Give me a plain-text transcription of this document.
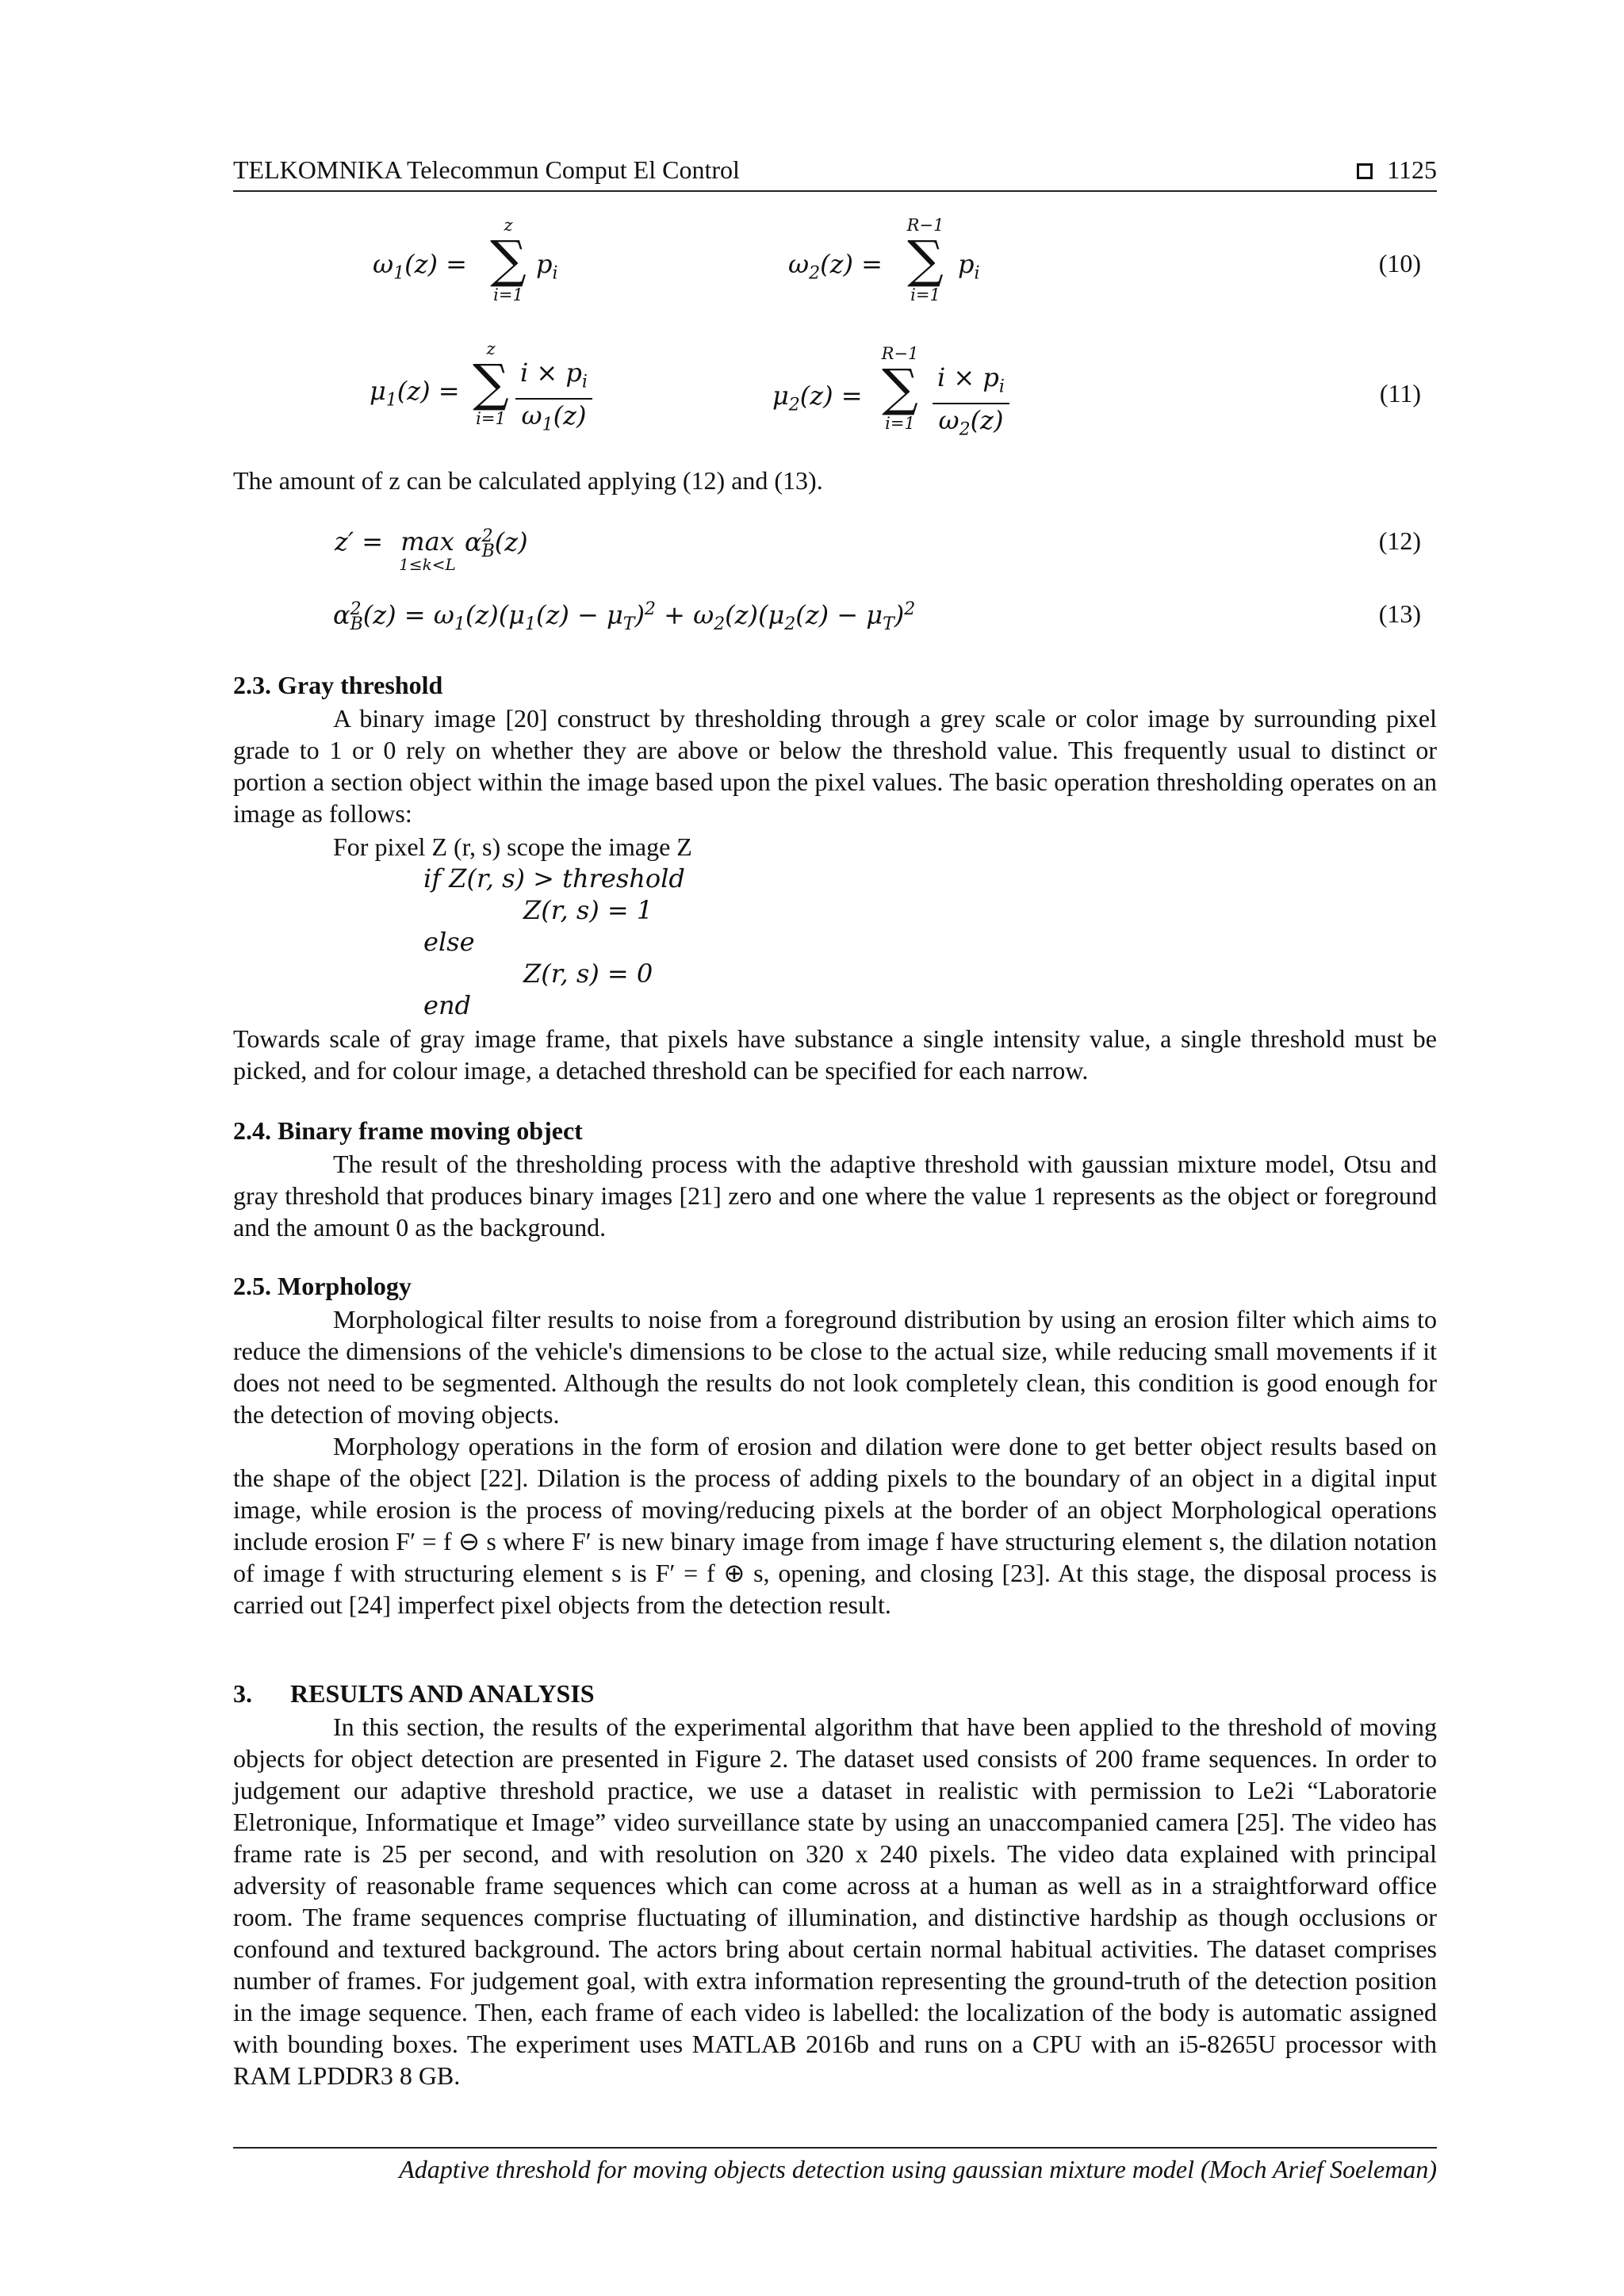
TELKOMNIKA Telecommun Comput El Control	1125
$\omega_1(z)$ =
z
∑
i=1
$p_i$	$\omega_2(z)$ =
R−1
∑
i=1
$p_i$	(10)
$\mu_1(z)$ =
z
∑
$i=1 \frac{i \times p_i}{\omega_1(z)}$	$\mu_2(z)$ =
R−1
∑
$i=1 \frac{i \times p_i}{\omega_2(z)}$	(11)
The amount of z can be calculated applying (12) and (13).
z′ = max
1≤k<L
$\alpha^2_B(z)$	(12)
$\alpha^2_B(z) = \omega_1(z)(\mu_1(z) - \mu_T)^2 + \omega_2(z)(\mu_2(z) - \mu_T)^2$	(13)
2.3. Gray threshold
A binary image [20] construct by thresholding through a grey scale or color image by surrounding pixel grade to 1 or 0 rely on whether they are above or below the threshold value. This frequently usual to distinct or portion a section object within the image based upon the pixel values. The basic operation thresholding operates on an image as follows:
For pixel Z (r, s) scope the image Z
if Z(r, s) > threshold
Z(r, s) = 1
else
Z(r, s) = 0
end
Towards scale of gray image frame, that pixels have substance a single intensity value, a single threshold must be picked, and for colour image, a detached threshold can be specified for each narrow.
2.4. Binary frame moving object
The result of the thresholding process with the adaptive threshold with gaussian mixture model, Otsu and gray threshold that produces binary images [21] zero and one where the value 1 represents as the object or foreground and the amount 0 as the background.
2.5. Morphology
Morphological filter results to noise from a foreground distribution by using an erosion filter which aims to reduce the dimensions of the vehicle's dimensions to be close to the actual size, while reducing small movements if it does not need to be segmented. Although the results do not look completely clean, this condition is good enough for the detection of moving objects.
Morphology operations in the form of erosion and dilation were done to get better object results based on the shape of the object [22]. Dilation is the process of adding pixels to the boundary of an object in a digital input image, while erosion is the process of moving/reducing pixels at the border of an object Morphological operations include erosion F′ = f ⊖ s where F′ is new binary image from image f have structuring element s, the dilation notation of image f with structuring element s is F′ = f ⊕ s, opening, and closing [23]. At this stage, the disposal process is carried out [24] imperfect pixel objects from the detection result.
3.      RESULTS AND ANALYSIS
In this section, the results of the experimental algorithm that have been applied to the threshold of moving objects for object detection are presented in Figure 2. The dataset used consists of 200 frame sequences. In order to judgement our adaptive threshold practice, we use a dataset in realistic with permission to Le2i “Laboratorie Eletronique, Informatique et Image” video surveillance state by using an unaccompanied camera [25]. The video has frame rate is 25 per second, and with resolution on 320 x 240 pixels. The video data explained with principal adversity of reasonable frame sequences which can come across at a human as well as in a straightforward office room. The frame sequences comprise fluctuating of illumination, and distinctive hardship as though occlusions or confound and textured background. The actors bring about certain normal habitual activities. The dataset comprises number of frames. For judgement goal, with extra information representing the ground-truth of the detection position in the image sequence. Then, each frame of each video is labelled: the localization of the body is automatic assigned with bounding boxes. The experiment uses MATLAB 2016b and runs on a CPU with an i5-8265U processor with RAM LPDDR3 8 GB.
Adaptive threshold for moving objects detection using gaussian mixture model (Moch Arief Soeleman)
